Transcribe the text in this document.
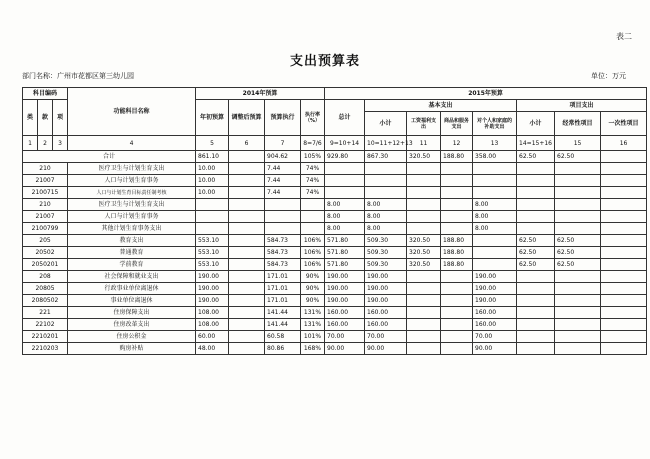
表二
支出预算表
部门名称：广州市花都区第三幼儿园	单位：万元
科目编码			功能科目名称	2014年预算				2015年预算							
类	款	项		年初预算	调整后预算	预算执行	执行率（%）	总计	基本支出				项目支出		
									小计	工资福利支出	商品和服务支出	对个人和家庭的补助支出	小计	经常性项目	一次性项目
1	2	3	4	5	6	7	8=7/6	9=10+14	10=11+12+13	11	12	13	14=15+16	15	16
合计				861.10		904.62	105%	929.80	867.30	320.50	188.80	358.00	62.50	62.50	
210			医疗卫生与计划生育支出	10.00		7.44	74%								
21007			人口与计划生育事务	10.00		7.44	74%								
2100715			人口与计划生育目标责任制考核	10.00		7.44	74%								
210			医疗卫生与计划生育支出					8.00	8.00			8.00			
21007			人口与计划生育事务					8.00	8.00			8.00			
2100799			其他计划生育事务支出					8.00	8.00			8.00			
205			教育支出	553.10		584.73	106%	571.80	509.30	320.50	188.80		62.50	62.50	
20502			普通教育	553.10		584.73	106%	571.80	509.30	320.50	188.80		62.50	62.50	
2050201			学前教育	553.10		584.73	106%	571.80	509.30	320.50	188.80		62.50	62.50	
208			社会保障和就业支出	190.00		171.01	90%	190.00	190.00			190.00			
20805			行政事业单位离退休	190.00		171.01	90%	190.00	190.00			190.00			
2080502			事业单位离退休	190.00		171.01	90%	190.00	190.00			190.00			
221			住房保障支出	108.00		141.44	131%	160.00	160.00			160.00			
22102			住房改革支出	108.00		141.44	131%	160.00	160.00			160.00			
2210201			住房公积金	60.00		60.58	101%	70.00	70.00			70.00			
2210203			购房补贴	48.00		80.86	168%	90.00	90.00			90.00			
